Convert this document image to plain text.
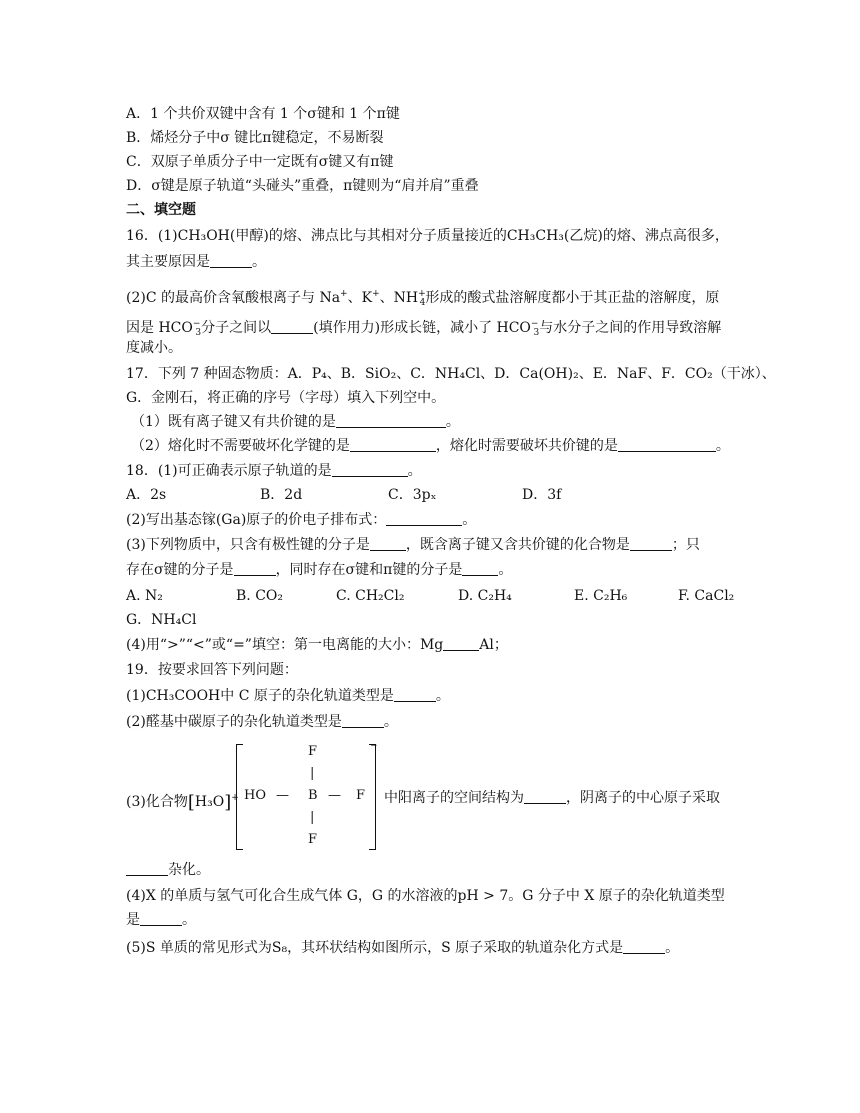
A．1 个共价双键中含有 1 个σ键和 1 个π键
B．烯烃分子中σ 键比π键稳定，不易断裂
C．双原子单质分子中一定既有σ键又有π键
D．σ键是原子轨道“头碰头”重叠，π键则为“肩并肩”重叠
二、填空题
16．(1)CH₃OH(甲醇)的熔、沸点比与其相对分子质量接近的CH₃CH₃(乙烷)的熔、沸点高很多，
其主要原因是	。
(2)C 的最高价含氧酸根离子与 Na+、K+、$NH^+_4$形成的酸式盐溶解度都小于其正盐的溶解度，原
因是 $HCO^-_3$分子之间以	(填作用力)形成长链，减小了 $HCO^-_3$与水分子之间的作用导致溶解
度减小。
17．下列 7 种固态物质：A．P₄、B．SiO₂、C．NH₄Cl、D．Ca(OH)₂、E．NaF、F．CO₂（干冰）、
G．金刚石，将正确的序号（字母）填入下列空中。
（1）既有离子键又有共价键的是	。
（2）熔化时不需要破坏化学键的是	，熔化时需要破坏共价键的是	。
18．(1)可正确表示原子轨道的是	。
A．2s	B．2d	C．3pₓ	D．3f
(2)写出基态镓(Ga)原子的价电子排布式：	。
(3)下列物质中，只含有极性键的分子是	，既含离子键又含共价键的化合物是	；只
存在σ键的分子是	，同时存在σ键和π键的分子是	。
A. N₂	B. CO₂	C. CH₂Cl₂	D. C₂H₄	E. C₂H₆	F. CaCl₂
G．NH₄Cl
(4)用“>”“<”或“=”填空：第一电离能的大小：Mg	Al；
19．按要求回答下列问题：
(1)CH₃COOH中 C 原子的杂化轨道类型是	。
(2)醛基中碳原子的杂化轨道类型是	。
(3)化合物[H₃O]+
F
|
HO — B — F
|
F
−
中阳离子的空间结构为	，阴离子的中心原子采取
杂化。
(4)X 的单质与氢气可化合生成气体 G，G 的水溶液的pH > 7。G 分子中 X 原子的杂化轨道类型
是	。
(5)S 单质的常见形式为S₈，其环状结构如图所示，S 原子采取的轨道杂化方式是	。
